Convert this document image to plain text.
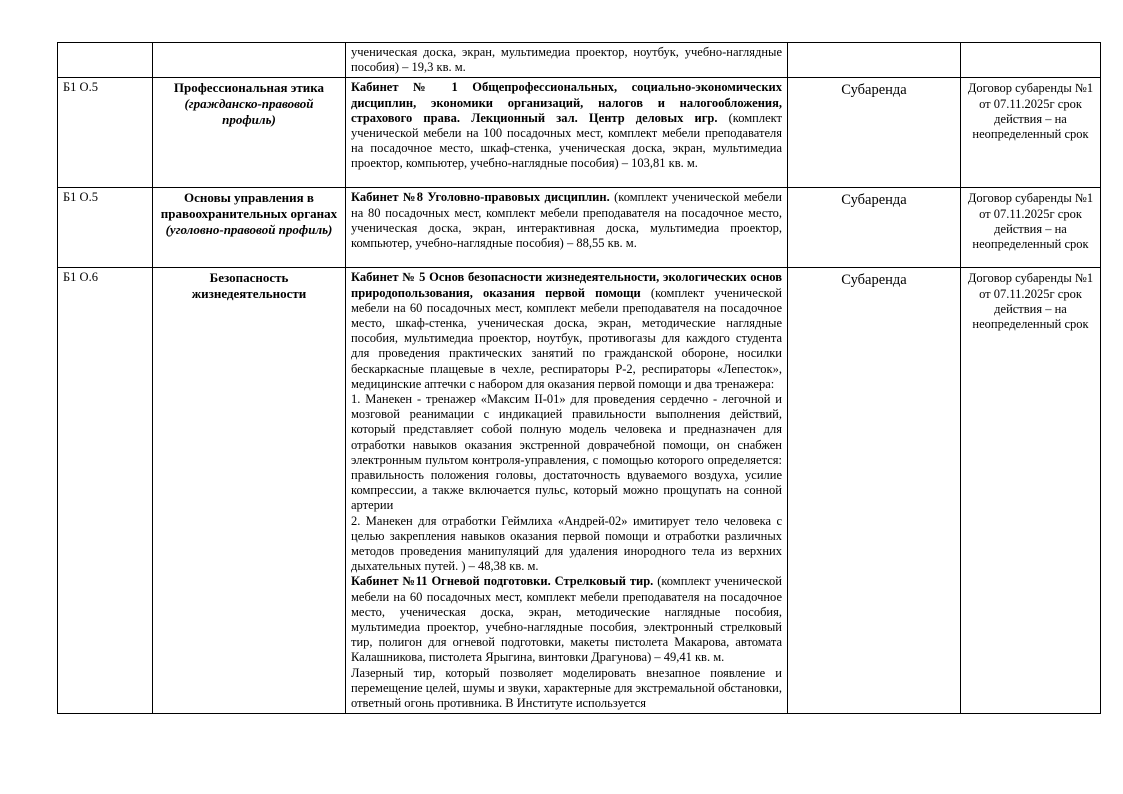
		ученическая доска, экран, мультимедиа проектор, ноутбук, учебно-наглядные пособия) – 19,3 кв. м.		

Б1 О.5	Профессиональная этика (гражданско-правовой профиль)	Кабинет № 1 Общепрофессиональных, социально-экономических дисциплин, экономики организаций, налогов и налогообложения, страхового права. Лекционный зал. Центр деловых игр. (комплект ученической мебели на 100 посадочных мест, комплект мебели преподавателя на посадочное место, шкаф-стенка, ученическая доска, экран, мультимедиа проектор, компьютер, учебно-наглядные пособия) – 103,81 кв. м.	Субаренда	Договор субаренды №1 от 07.11.2025г срок действия – на неопределенный срок
Б1 О.5	Основы управления в правоохранительных органах (уголовно-правовой профиль)	Кабинет №8 Уголовно-правовых дисциплин. (комплект ученической мебели на 80 посадочных мест, комплект мебели преподавателя на посадочное место, ученическая доска, экран, интерактивная доска, мультимедиа проектор, компьютер, учебно-наглядные пособия) – 88,55 кв. м.	Субаренда	Договор субаренды №1 от 07.11.2025г срок действия – на неопределенный срок
Б1 О.6	Безопасность жизнедеятельности	Кабинет № 5 Основ безопасности жизнедеятельности, экологических основ природопользования, оказания первой помощи (комплект ученической мебели на 60 посадочных мест, комплект мебели преподавателя на посадочное место, шкаф-стенка, ученическая доска, экран, методические наглядные пособия, мультимедиа проектор, ноутбук, противогазы для каждого студента для проведения практических занятий по гражданской обороне, носилки бескаркасные плащевые в чехле, респираторы Р-2, респираторы «Лепесток», медицинские аптечки с набором для оказания первой помощи и два тренажера:
1. Манекен - тренажер «Максим II-01» для проведения сердечно - легочной и мозговой реанимации с индикацией правильности выполнения действий, который представляет собой полную модель человека и предназначен для отработки навыков оказания экстренной доврачебной помощи, он снабжен электронным пультом контроля-управления, с помощью которого определяется: правильность положения головы, достаточность вдуваемого воздуха, усилие компрессии, а также включается пульс, который можно прощупать на сонной артерии
2. Манекен для отработки Геймлиха «Андрей-02» имитирует тело человека с целью закрепления навыков оказания первой помощи и отработки различных методов проведения манипуляций для удаления инородного тела из верхних дыхательных путей. ) – 48,38 кв. м.
Кабинет №11 Огневой подготовки. Стрелковый тир. (комплект ученической мебели на 60 посадочных мест, комплект мебели преподавателя на посадочное место, ученическая доска, экран, методические наглядные пособия, мультимедиа проектор, учебно-наглядные пособия, электронный стрелковый тир, полигон для огневой подготовки, макеты пистолета Макарова, автомата Калашникова, пистолета Ярыгина, винтовки Драгунова) – 49,41 кв. м.
Лазерный тир, который позволяет моделировать внезапное появление и перемещение целей, шумы и звуки, характерные для экстремальной обстановки, ответный огонь противника. В Институте используется	Субаренда	Договор субаренды №1 от 07.11.2025г срок действия – на неопределенный срок
